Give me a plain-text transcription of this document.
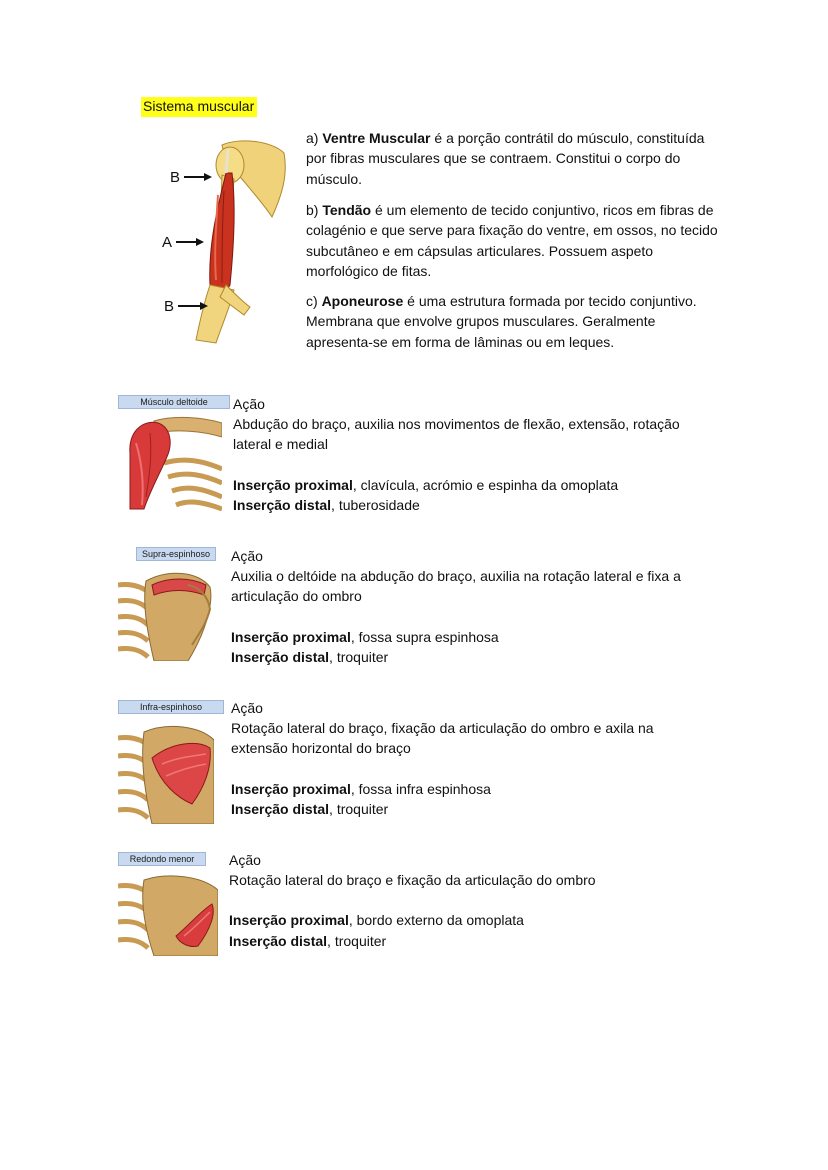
Sistema muscular
B
A
B
a) Ventre Muscular é a porção contrátil do músculo, constituída por fibras musculares que se contraem. Constitui o corpo do músculo.
b) Tendão é um elemento de tecido conjuntivo, ricos em fibras de colagénio e que serve para fixação do ventre, em ossos, no tecido subcutâneo e em cápsulas articulares. Possuem aspeto morfológico de fitas.
c) Aponeurose é uma estrutura formada por tecido conjuntivo. Membrana que envolve grupos musculares. Geralmente apresenta-se em forma de lâminas ou em leques.
Músculo deltoide	Ação

Abdução do braço, auxilia nos movimentos de flexão, extensão, rotação lateral e medial

Inserção proximal, clavícula, acrómio e espinha da omoplata

Inserção distal, tuberosidade

Supra-espinhoso	Ação

Auxilia o deltóide na abdução do braço, auxilia na rotação lateral e fixa a articulação do ombro

Inserção proximal, fossa supra espinhosa

Inserção distal, troquiter

Infra-espinhoso	Ação

Rotação lateral do braço, fixação da articulação do ombro e axila na extensão horizontal do braço

Inserção proximal, fossa infra espinhosa

Inserção distal, troquiter

Redondo menor	Ação

Rotação lateral do braço e fixação da articulação do ombro

Inserção proximal, bordo externo da omoplata

Inserção distal, troquiter
